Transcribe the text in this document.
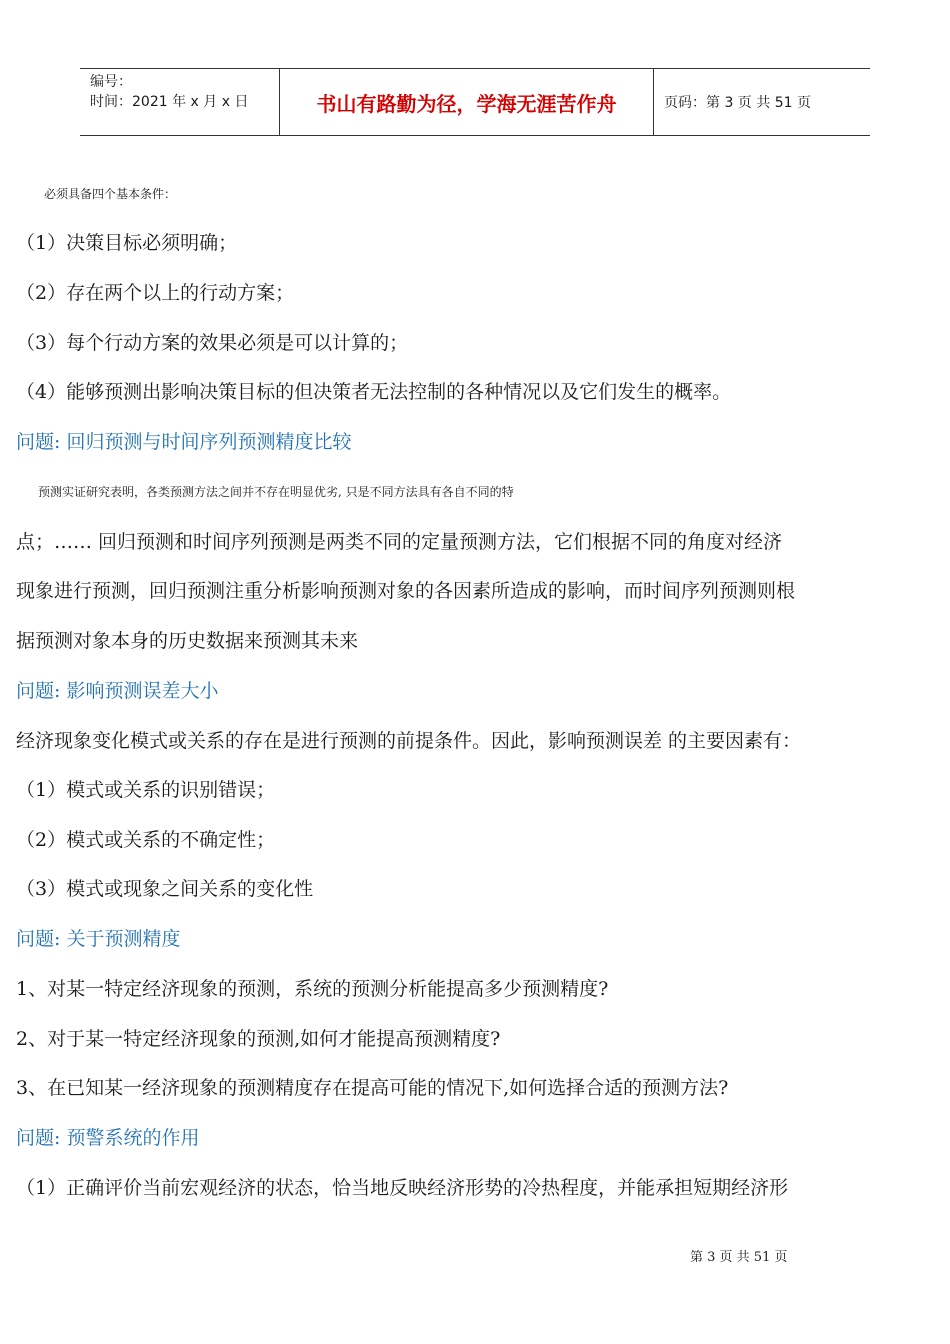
编号：
时间：2021 年 x 月 x 日	书山有路勤为径，学海无涯苦作舟	页码：第 3 页 共 51 页
必须具备四个基本条件：
（1）决策目标必须明确；
（2）存在两个以上的行动方案；
（3）每个行动方案的效果必须是可以计算的；
（4）能够预测出影响决策目标的但决策者无法控制的各种情况以及它们发生的概率。
问题: 回归预测与时间序列预测精度比较
预测实证研究表明，各类预测方法之间并不存在明显优劣, 只是不同方法具有各自不同的特
点；…… 回归预测和时间序列预测是两类不同的定量预测方法，它们根据不同的角度对经济
现象进行预测，回归预测注重分析影响预测对象的各因素所造成的影响，而时间序列预测则根
据预测对象本身的历史数据来预测其未来
问题: 影响预测误差大小
经济现象变化模式或关系的存在是进行预测的前提条件。因此，影响预测误差 的主要因素有：
（1）模式或关系的识别错误；
（2）模式或关系的不确定性；
（3）模式或现象之间关系的变化性
问题: 关于预测精度
1、对某一特定经济现象的预测，系统的预测分析能提高多少预测精度?
2、对于某一特定经济现象的预测,如何才能提高预测精度?
3、在已知某一经济现象的预测精度存在提高可能的情况下,如何选择合适的预测方法?
问题: 预警系统的作用
（1）正确评价当前宏观经济的状态，恰当地反映经济形势的冷热程度，并能承担短期经济形
第 3 页 共 51 页
